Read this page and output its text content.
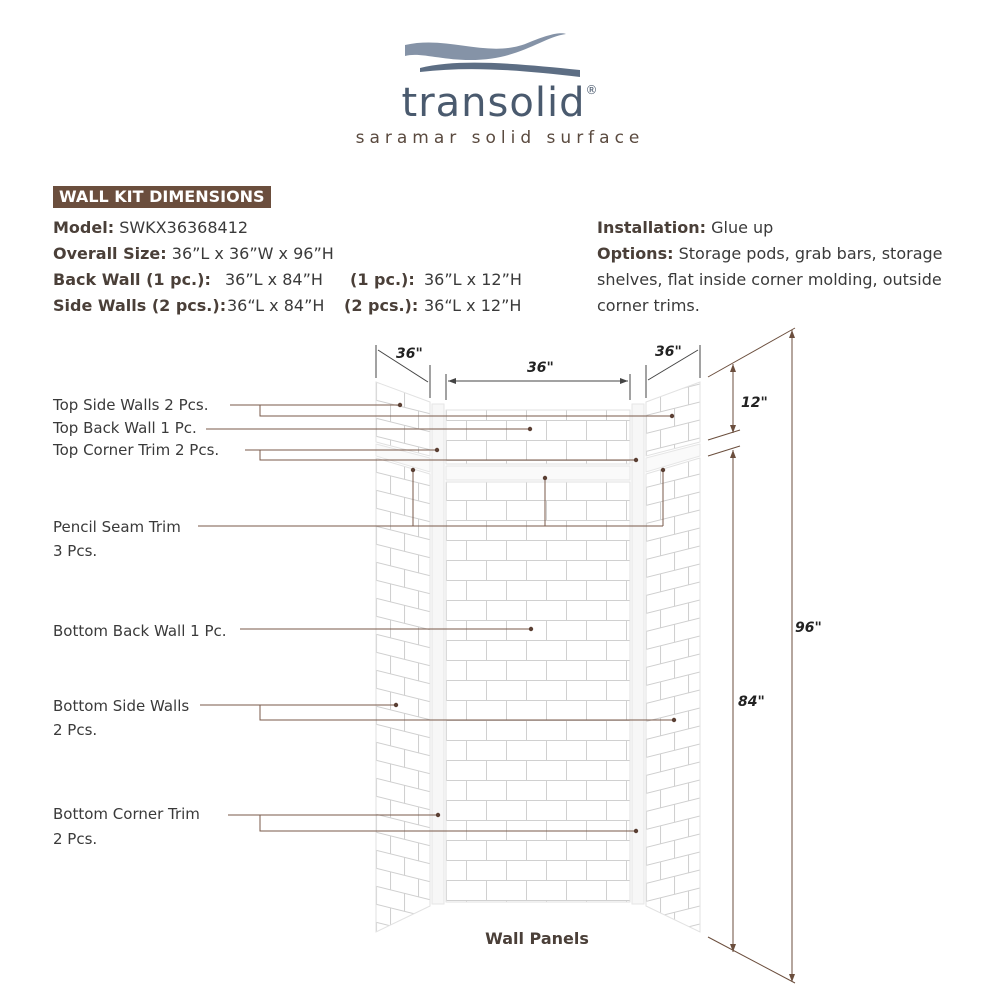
transolid®
saramar solid surface
WALL KIT DIMENSIONS
Model: SWKX36368412
Overall Size: 36”L x 36”W x 96”H
Back Wall (1 pc.): 36”L x 84”H (1 pc.): 36”L x 12”H
Side Walls (2 pcs.): 36“L x 84”H (2 pcs.): 36“L x 12”H
Installation: Glue up
Options: Storage pods, grab bars, storage
shelves, flat inside corner molding, outside
corner trims.
36"
36"
36"
12"
84"
96"
Top Side Walls 2 Pcs.
Top Back Wall 1 Pc.
Top Corner Trim 2 Pcs.
Pencil Seam Trim
3 Pcs.
Bottom Back Wall 1 Pc.
Bottom Side Walls
2 Pcs.
Bottom Corner Trim
2 Pcs.
Wall Panels
